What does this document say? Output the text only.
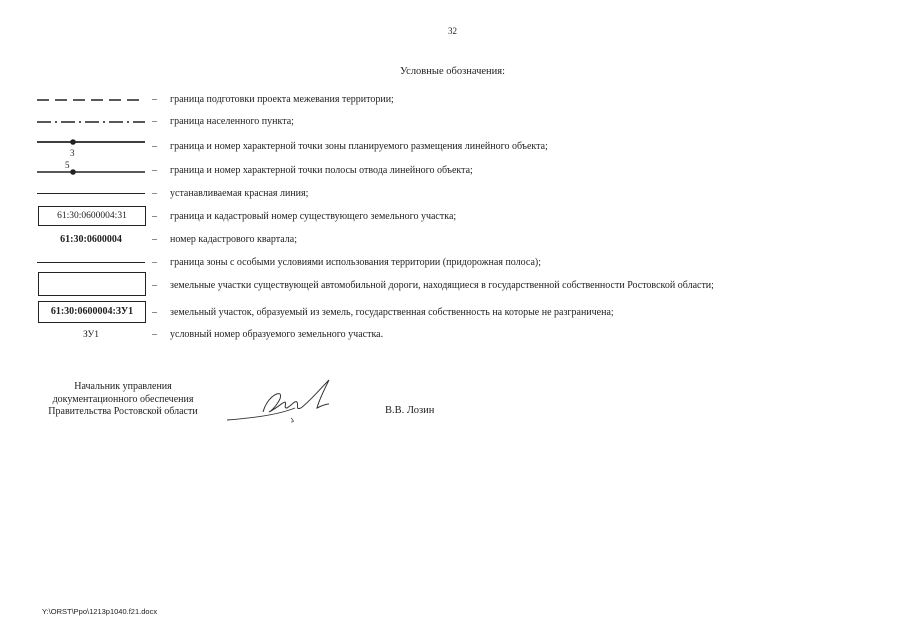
32
Условные обозначения:
– граница подготовки проекта межевания территории;
– граница населенного пункта;
3
– граница и номер характерной точки зоны планируемого размещения линейного объекта;
5	– граница и номер характерной точки полосы отвода линейного объекта;
– устанавливаемая красная линия;
61:30:0600004:31	– граница и кадастровый номер существующего земельного участка;
61:30:0600004	– номер кадастрового квартала;
– граница зоны с особыми условиями использования территории (придорожная полоса);
– земельные участки существующей автомобильной дороги, находящиеся в государственной собственности Ростовской области;
61:30:0600004:ЗУ1	– земельный участок, образуемый из земель, государственная собственность на которые не разграничена;
ЗУ1	– условный номер образуемого земельного участка.
Начальник управления
документационного обеспечения
Правительства Ростовской области	В.В. Лозин
Y:\ORST\Ppo\1213p1040.f21.docx
